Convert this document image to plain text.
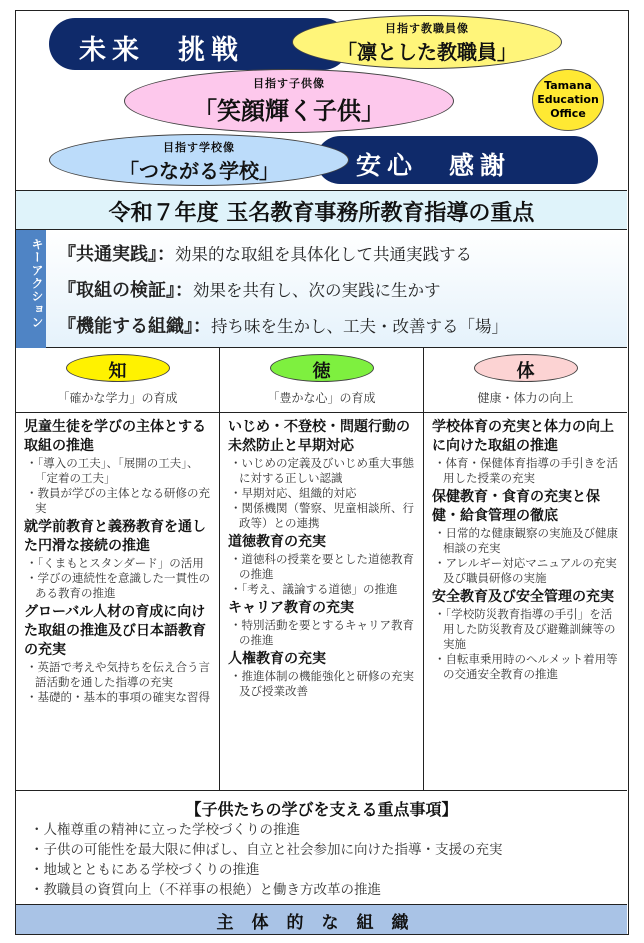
未来　挑戦
安心　感謝
目指す教職員像
「凛とした教職員」
目指す子供像
「笑顔輝く子供」
目指す学校像
「つながる学校」
Tamana
Education
Office
令和７年度 玉名教育事務所教育指導の重点
キーアクション 『共通実践』：効果的な取組を具体化して共通実践する
『取組の検証』：効果を共有し、次の実践に生かす
『機能する組織』：持ち味を生かし、工夫・改善する「場」
知
「確かな学力」の育成
徳
「豊かな心」の育成
体
健康・体力の向上
児童生徒を学びの主体とする取組の推進
・「導入の工夫」、「展開の工夫」、「定着の工夫」
・教員が学びの主体となる研修の充実
就学前教育と義務教育を通した円滑な接続の推進
・「くまもとスタンダード」の活用
・学びの連続性を意識した一貫性のある教育の推進
グローバル人材の育成に向けた取組の推進及び日本語教育の充実
・英語で考えや気持ちを伝え合う言語活動を通した指導の充実
・基礎的・基本的事項の確実な習得
いじめ・不登校・問題行動の未然防止と早期対応
・いじめの定義及びいじめ重大事態に対する正しい認識
・早期対応、組織的対応
・関係機関（警察、児童相談所、行政等）との連携
道徳教育の充実
・道徳科の授業を要とした道徳教育の推進
・「考え、議論する道徳」の推進
キャリア教育の充実
・特別活動を要とするキャリア教育の推進
人権教育の充実
・推進体制の機能強化と研修の充実及び授業改善
学校体育の充実と体力の向上に向けた取組の推進
・体育・保健体育指導の手引きを活用した授業の充実
保健教育・食育の充実と保健・給食管理の徹底
・日常的な健康観察の実施及び健康相談の充実
・アレルギー対応マニュアルの充実及び職員研修の実施
安全教育及び安全管理の充実
・「学校防災教育指導の手引」を活用した防災教育及び避難訓練等の実施
・自転車乗用時のヘルメット着用等の交通安全教育の推進
【子供たちの学びを支える重点事項】
・人権尊重の精神に立った学校づくりの推進
・子供の可能性を最大限に伸ばし、自立と社会参加に向けた指導・支援の充実
・地域とともにある学校づくりの推進
・教職員の資質向上（不祥事の根絶）と働き方改革の推進
主体的な組織
